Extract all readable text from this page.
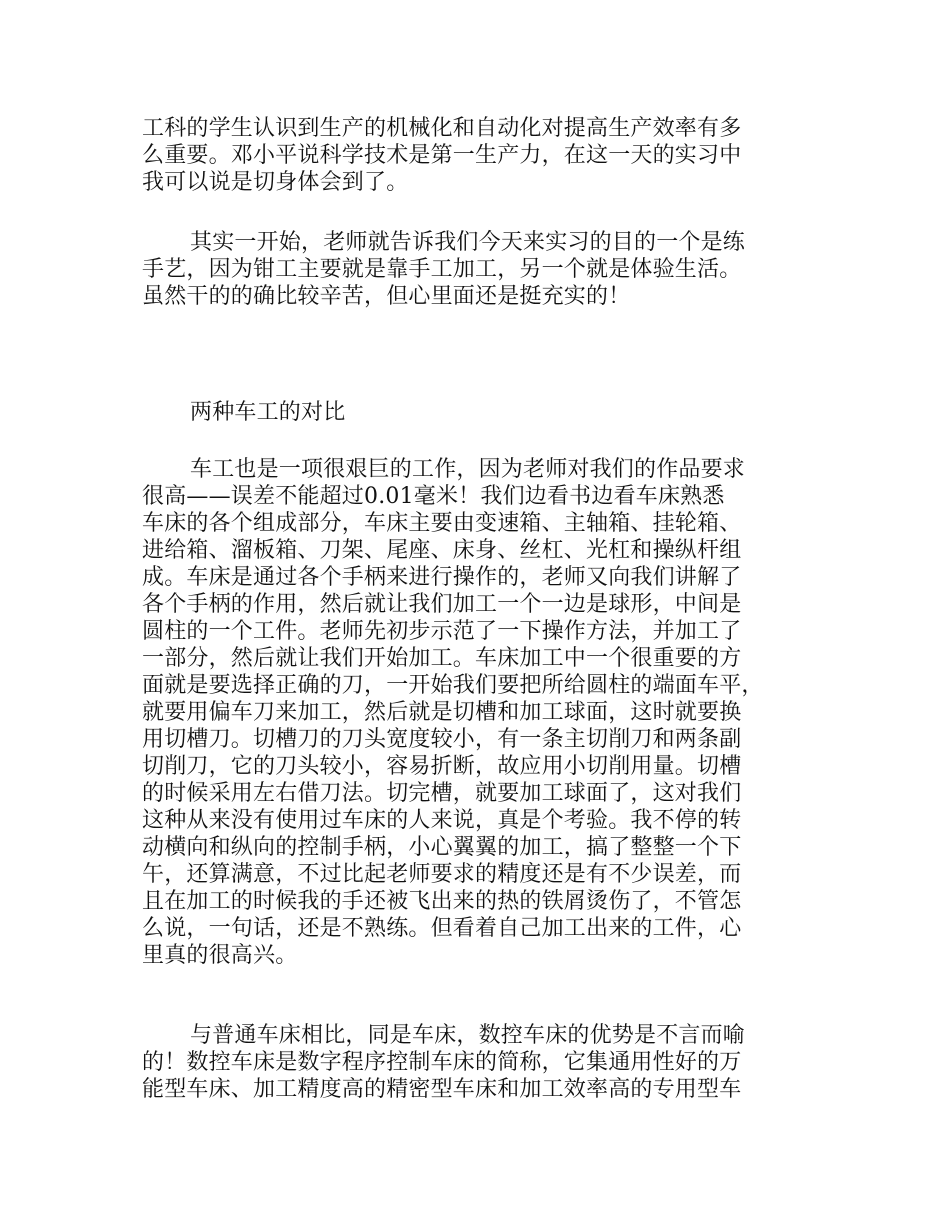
工科的学生认识到生产的机械化和自动化对提高生产效率有多
么重要。邓小平说科学技术是第一生产力，在这一天的实习中
我可以说是切身体会到了。
其实一开始，老师就告诉我们今天来实习的目的一个是练
手艺，因为钳工主要就是靠手工加工，另一个就是体验生活。
虽然干的的确比较辛苦，但心里面还是挺充实的！
两种车工的对比
车工也是一项很艰巨的工作，因为老师对我们的作品要求
很高——误差不能超过0.01毫米！我们边看书边看车床熟悉
车床的各个组成部分，车床主要由变速箱、主轴箱、挂轮箱、
进给箱、溜板箱、刀架、尾座、床身、丝杠、光杠和操纵杆组
成。车床是通过各个手柄来进行操作的，老师又向我们讲解了
各个手柄的作用，然后就让我们加工一个一边是球形，中间是
圆柱的一个工件。老师先初步示范了一下操作方法，并加工了
一部分，然后就让我们开始加工。车床加工中一个很重要的方
面就是要选择正确的刀，一开始我们要把所给圆柱的端面车平，
就要用偏车刀来加工，然后就是切槽和加工球面，这时就要换
用切槽刀。切槽刀的刀头宽度较小，有一条主切削刀和两条副
切削刀，它的刀头较小，容易折断，故应用小切削用量。切槽
的时候采用左右借刀法。切完槽，就要加工球面了，这对我们
这种从来没有使用过车床的人来说，真是个考验。我不停的转
动横向和纵向的控制手柄，小心翼翼的加工，搞了整整一个下
午，还算满意，不过比起老师要求的精度还是有不少误差，而
且在加工的时候我的手还被飞出来的热的铁屑烫伤了，不管怎
么说，一句话，还是不熟练。但看着自己加工出来的工件，心
里真的很高兴。
与普通车床相比，同是车床，数控车床的优势是不言而喻
的！数控车床是数字程序控制车床的简称，它集通用性好的万
能型车床、加工精度高的精密型车床和加工效率高的专用型车
